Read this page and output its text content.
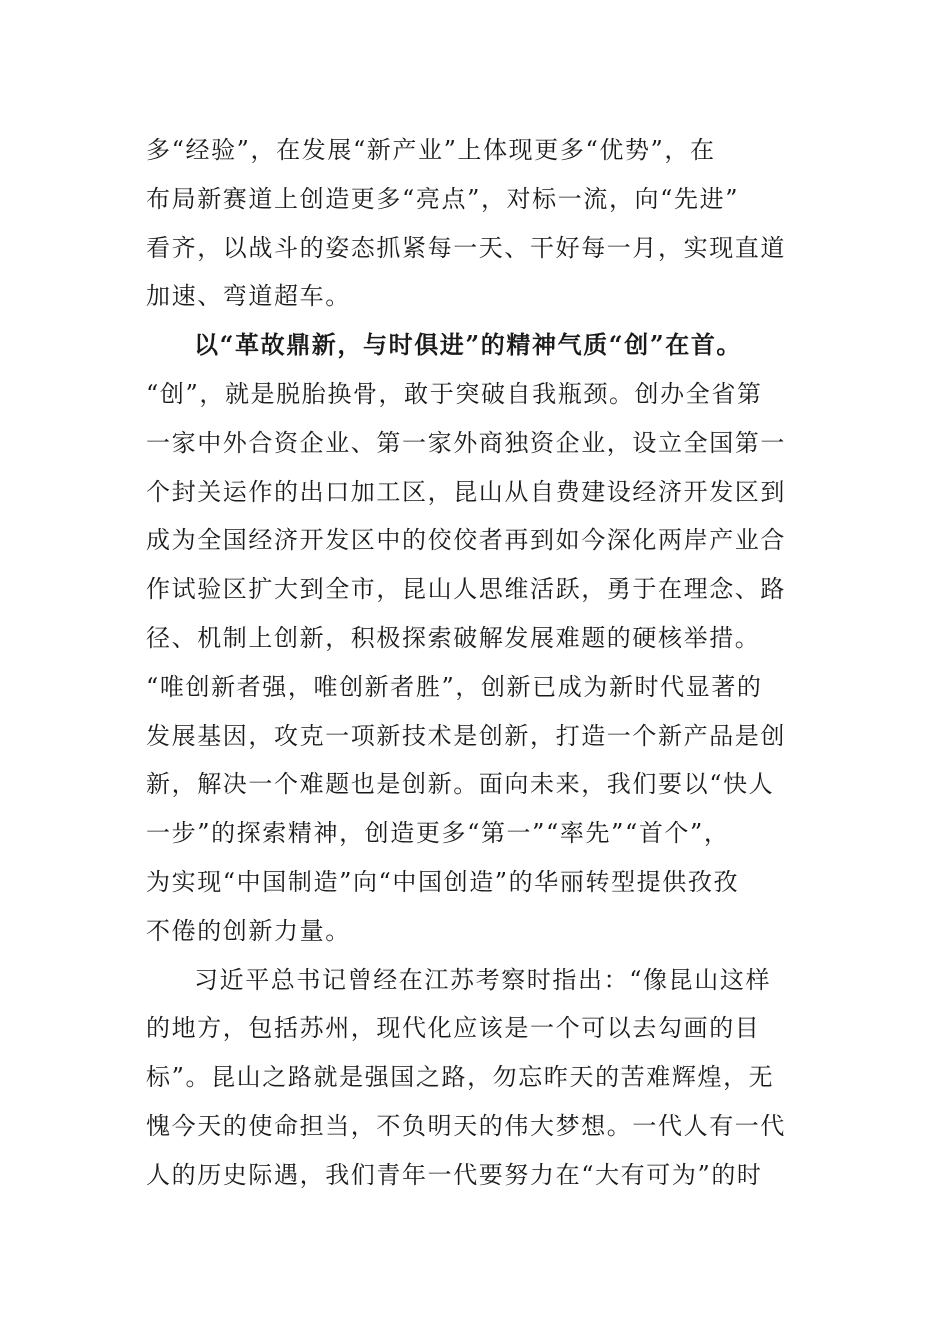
多“经验”，在发展“新产业”上体现更多“优势”，在
布局新赛道上创造更多“亮点”，对标一流，向“先进”
看齐，以战斗的姿态抓紧每一天、干好每一月，实现直道
加速、弯道超车。
以“革故鼎新，与时俱进”的精神气质“创”在首。
“创”，就是脱胎换骨，敢于突破自我瓶颈。创办全省第
一家中外合资企业、第一家外商独资企业，设立全国第一
个封关运作的出口加工区，昆山从自费建设经济开发区到
成为全国经济开发区中的佼佼者再到如今深化两岸产业合
作试验区扩大到全市，昆山人思维活跃，勇于在理念、路
径、机制上创新，积极探索破解发展难题的硬核举措。
“唯创新者强，唯创新者胜”，创新已成为新时代显著的
发展基因，攻克一项新技术是创新，打造一个新产品是创
新，解决一个难题也是创新。面向未来，我们要以“快人
一步”的探索精神，创造更多“第一”“率先”“首个”，
为实现“中国制造”向“中国创造”的华丽转型提供孜孜
不倦的创新力量。
习近平总书记曾经在江苏考察时指出：“像昆山这样
的地方，包括苏州，现代化应该是一个可以去勾画的目
标”。昆山之路就是强国之路，勿忘昨天的苦难辉煌，无
愧今天的使命担当，不负明天的伟大梦想。一代人有一代
人的历史际遇，我们青年一代要努力在“大有可为”的时
